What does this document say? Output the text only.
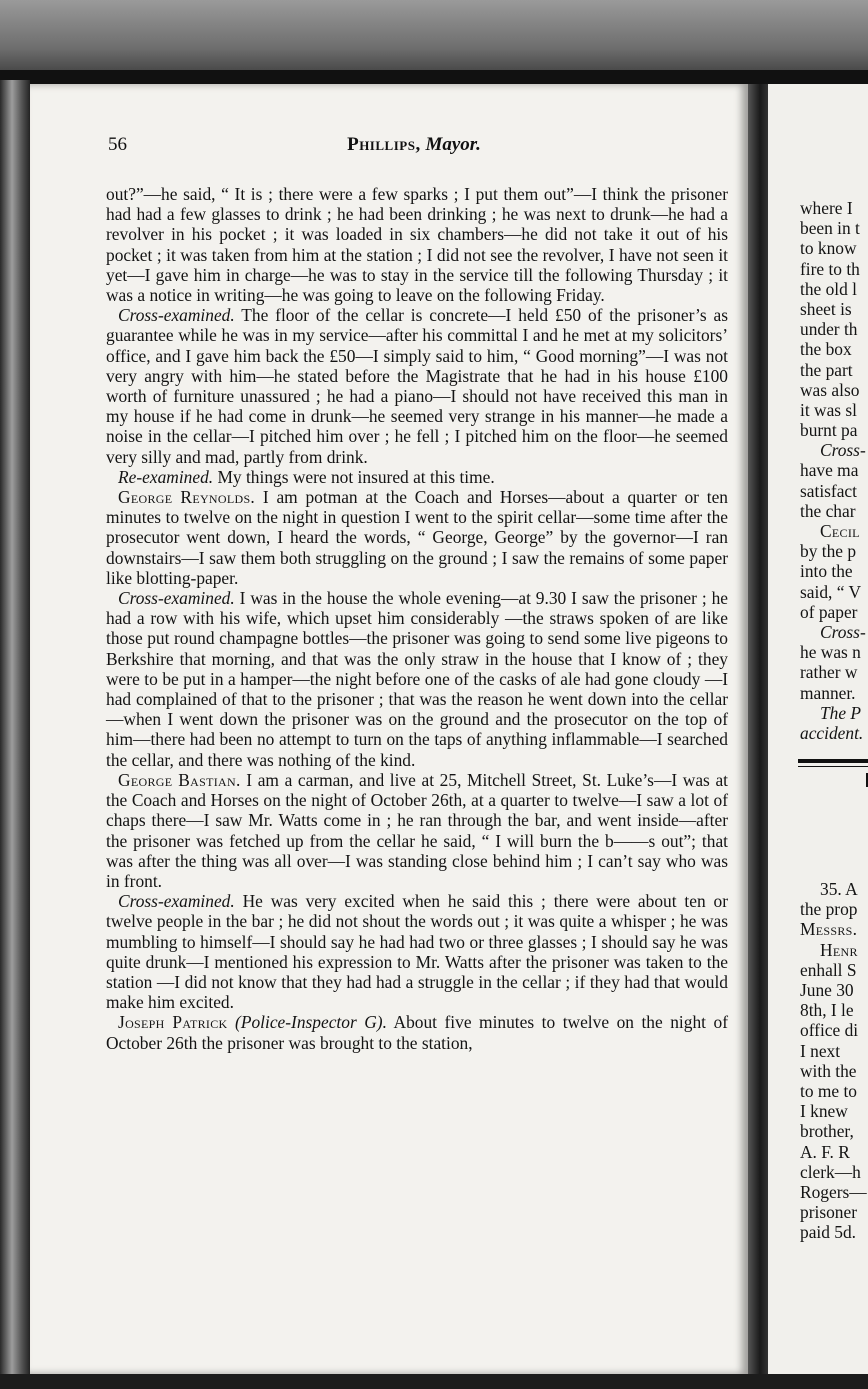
56	Phillips, Mayor.

out?”—he said, “ It is ; there were a few sparks ; I put them out”—I think the prisoner had had a few glasses to drink ; he had been drinking ; he was next to drunk—he had a revolver in his pocket ; it was loaded in six chambers—he did not take it out of his pocket ; it was taken from him at the station ; I did not see the revolver, I have not seen it yet—I gave him in charge—he was to stay in the service till the following Thursday ; it was a notice in writing—he was going to leave on the following Friday.

Cross-examined. The floor of the cellar is concrete—I held £50 of the prisoner’s as guarantee while he was in my service—after his committal I and he met at my solicitors’ office, and I gave him back the £50—I simply said to him, “ Good morning”—I was not very angry with him—he stated before the Magistrate that he had in his house £100 worth of furniture unassured ; he had a piano—I should not have received this man in my house if he had come in drunk—he seemed very strange in his manner—he made a noise in the cellar—I pitched him over ; he fell ; I pitched him on the floor—he seemed very silly and mad, partly from drink.

Re-examined. My things were not insured at this time.

George Reynolds. I am potman at the Coach and Horses—about a quarter or ten minutes to twelve on the night in question I went to the spirit cellar—some time after the prosecutor went down, I heard the words, “ George, George” by the governor—I ran downstairs—I saw them both struggling on the ground ; I saw the remains of some paper like blotting-paper.

Cross-examined. I was in the house the whole evening—at 9.30 I saw the prisoner ; he had a row with his wife, which upset him considerably —the straws spoken of are like those put round champagne bottles—the prisoner was going to send some live pigeons to Berkshire that morning, and that was the only straw in the house that I know of ; they were to be put in a hamper—the night before one of the casks of ale had gone cloudy —I had complained of that to the prisoner ; that was the reason he went down into the cellar—when I went down the prisoner was on the ground and the prosecutor on the top of him—there had been no attempt to turn on the taps of anything inflammable—I searched the cellar, and there was nothing of the kind.

George Bastian. I am a carman, and live at 25, Mitchell Street, St. Luke’s—I was at the Coach and Horses on the night of October 26th, at a quarter to twelve—I saw a lot of chaps there—I saw Mr. Watts come in ; he ran through the bar, and went inside—after the prisoner was fetched up from the cellar he said, “ I will burn the b——s out”; that was after the thing was all over—I was standing close behind him ; I can’t say who was in front.

Cross-examined. He was very excited when he said this ; there were about ten or twelve people in the bar ; he did not shout the words out ; it was quite a whisper ; he was mumbling to himself—I should say he had had two or three glasses ; I should say he was quite drunk—I mentioned his expression to Mr. Watts after the prisoner was taken to the station —I did not know that they had had a struggle in the cellar ; if they had that would make him excited.

Joseph Patrick (Police-Inspector G). About five minutes to twelve on the night of October 26th the prisoner was brought to the station,

where I
been in t
to know
fire to th
the old l
sheet is
under th
the box
the part
was also
it was sl
burnt pa
Cross-
have ma
satisfact
the char
Cecil
by the p
into the
said, “ V
of paper
Cross-
he was n
rather w
manner.
The P
accident.
35. A
the prop
Messrs.
Henr
enhall S
June 30
8th, I le
office di
I next
with the
to me to
I knew
brother,
A. F. R
clerk—h
Rogers—
prisoner
paid 5d.
